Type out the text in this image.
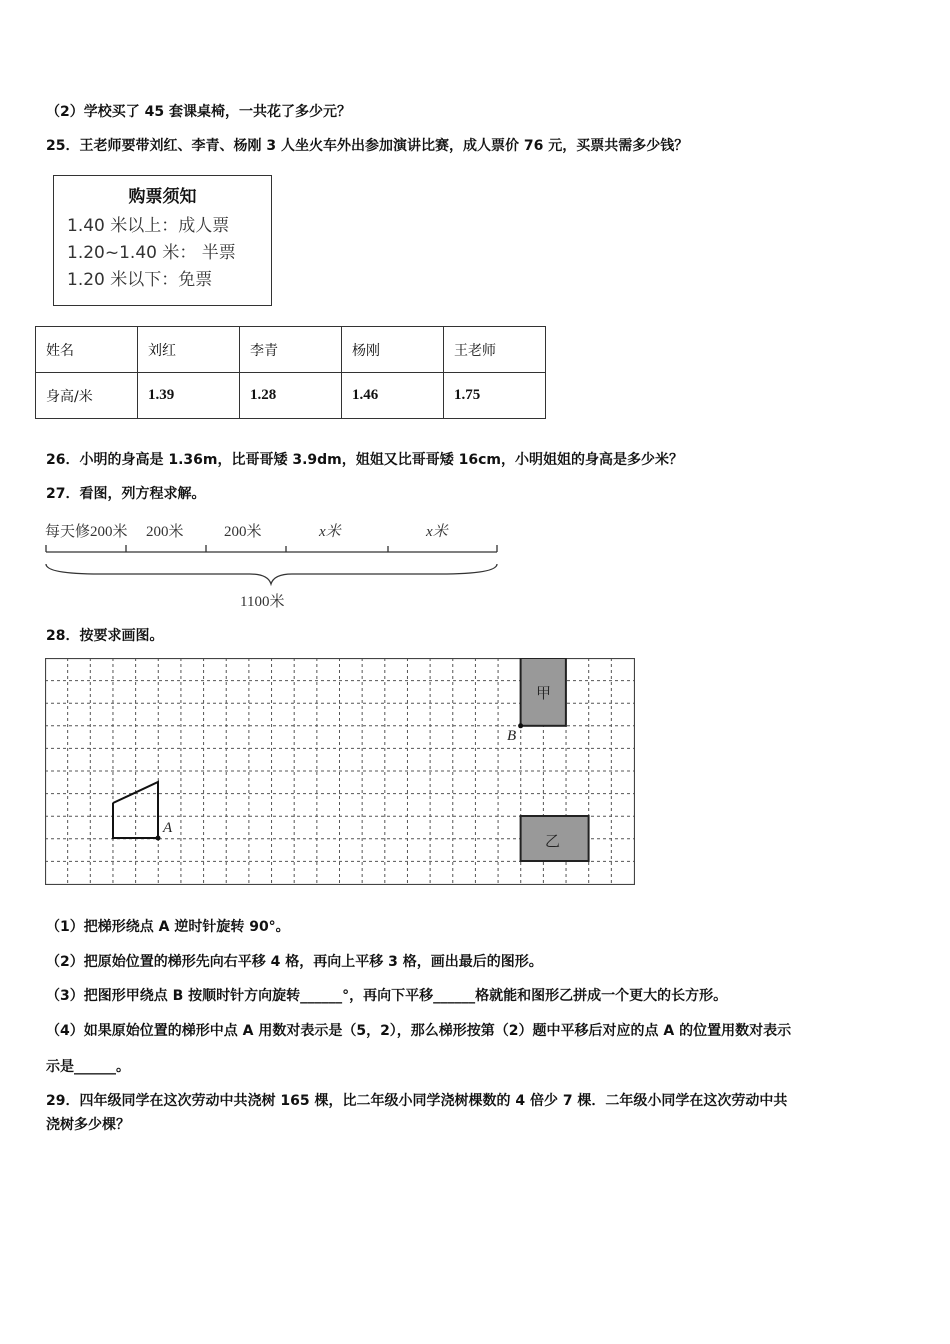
（2）学校买了 45 套课桌椅，一共花了多少元？
25．王老师要带刘红、李青、杨刚 3 人坐火车外出参加演讲比赛，成人票价 76 元，买票共需多少钱？
购票须知
1.40 米以上：成人票
1.20~1.40 米： 半票
1.20 米以下：免票
姓名	刘红	李青	杨刚	王老师
身高/米	1.39	1.28	1.46	1.75
26．小明的身高是 1.36m，比哥哥矮 3.9dm，姐姐又比哥哥矮 16cm，小明姐姐的身高是多少米？
27．看图，列方程求解。
每天修200米 200米	200米	x米	x米
1100米
28．按要求画图。
甲
乙
B
A
（1）把梯形绕点 A 逆时针旋转 90°。
（2）把原始位置的梯形先向右平移 4 格，再向上平移 3 格，画出最后的图形。
（3）把图形甲绕点 B 按顺时针方向旋转______°，再向下平移______格就能和图形乙拼成一个更大的长方形。
（4）如果原始位置的梯形中点 A 用数对表示是（5，2），那么梯形按第（2）题中平移后对应的点 A 的位置用数对表示
示是______。
29．四年级同学在这次劳动中共浇树 165 棵，比二年级小同学浇树棵数的 4 倍少 7 棵．二年级小同学在这次劳动中共
浇树多少棵？
